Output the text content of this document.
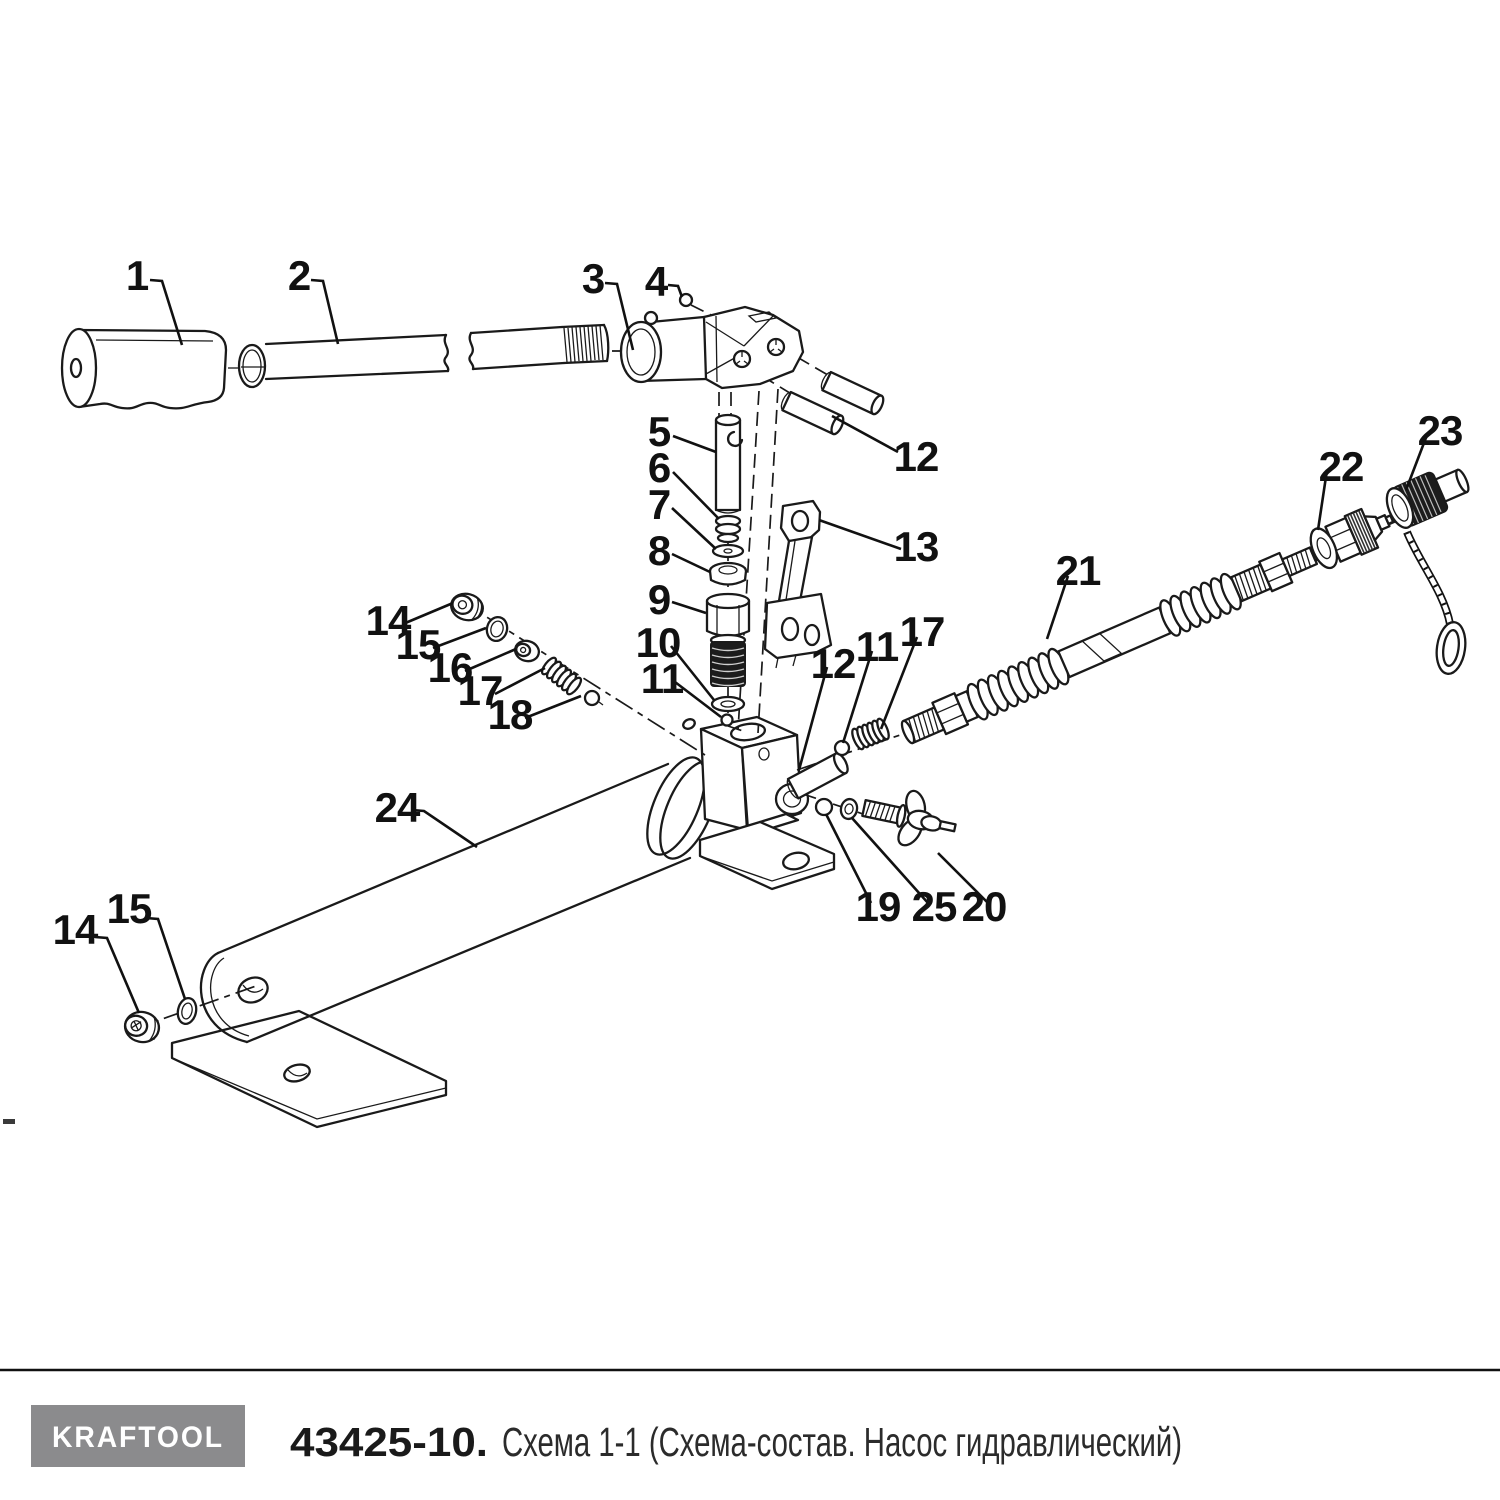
1	2	3 4
12
5
6
7
8
9
10
11
13
14
15
16
17
18
24
12 11 17
21
22
23
19 25 20
14 15
KRAFTOOL 43425-10. Схема 1-1 (Схема-состав. Насос гидравлический)
